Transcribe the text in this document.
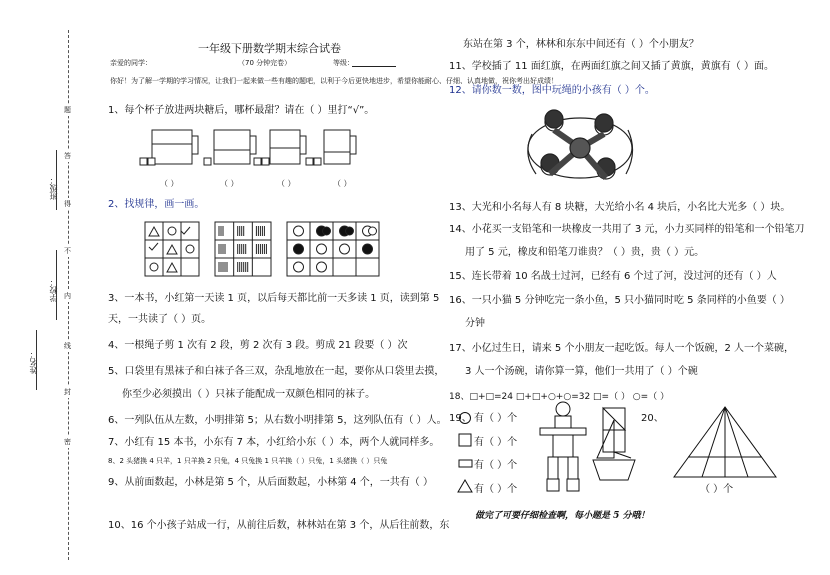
题
答
得
不
内
线
封
密
班级：
学校：
姓名：
一年级下册数学期末综合试卷
亲爱的同学：	（70 分钟完卷）	等级：
你好！为了解一学期的学习情况，让我们一起来做一些有趣的题吧，以利于今后更快地进步，希望你能耐心、仔细、认真地做，祝你考出好成绩！
1、每个杯子放进两块糖后，哪杯最甜？请在（ ）里打“√”。
（ ）	（ ）	（ ）	（ ）
2、找规律，画一画。
3、一本书，小红第一天读 1 页，以后每天都比前一天多读 1 页，读到第 5
天，一共读了（ ）页。
4、一根绳子剪 1 次有 2 段，剪 2 次有 3 段。剪成 21 段要（ ）次
5、口袋里有黑袜子和白袜子各三双，杂乱地放在一起，要你从口袋里去摸，
你至少必须摸出（ ）只袜子能配成一双颜色相同的袜子。
6、一列队伍从左数，小明排第 5；从右数小明排第 5，这列队伍有（ ）人。
7、小红有 15 本书，小东有 7 本，小红给小东（ ）本，两个人就同样多。
8、2 头猪换 4 只羊，1 只羊换 2 只兔，4 只兔换 1 只羊换（ ）只兔，1 头猪换（ ）只兔
9、从前面数起，小林是第 5 个，从后面数起，小林第 4 个，一共有（ ）
10、16 个小孩子站成一行，从前往后数，林林站在第 3 个，从后往前数，东
东站在第 3 个，林林和东东中间还有（ ）个小朋友？
11、学校插了 11 面红旗，在两面红旗之间又插了黄旗，黄旗有（ ）面。
12、请你数一数，图中玩绳的小孩有（ ）个。
13、大光和小名每人有 8 块糖，大光给小名 4 块后，小名比大光多（ ）块。
14、小花买一支铅笔和一块橡皮一共用了 3 元，小力买同样的铅笔和一个铅笔刀
用了 5 元，橡皮和铅笔刀谁贵？（ ）贵，贵（ ）元。
15、连长带着 10 名战士过河，已经有 6 个过了河，没过河的还有（ ）人
16、一只小猫 5 分钟吃完一条小鱼，5 只小猫同时吃 5 条同样的小鱼要（ ）
分钟
17、小亿过生日，请来 5 个小朋友一起吃饭。每人一个饭碗，2 人一个菜碗，
3 人一个汤碗，请你算一算，他们一共用了（ ）个碗
18、□+□=24 □+□+○+○=32 □=（ ） ○=（ ）
19、 有（ ）个
有（ ）个
有（ ）个
有（ ）个
20、
（ ）个
做完了可要仔细检查啊，每小题是 5 分哦！
